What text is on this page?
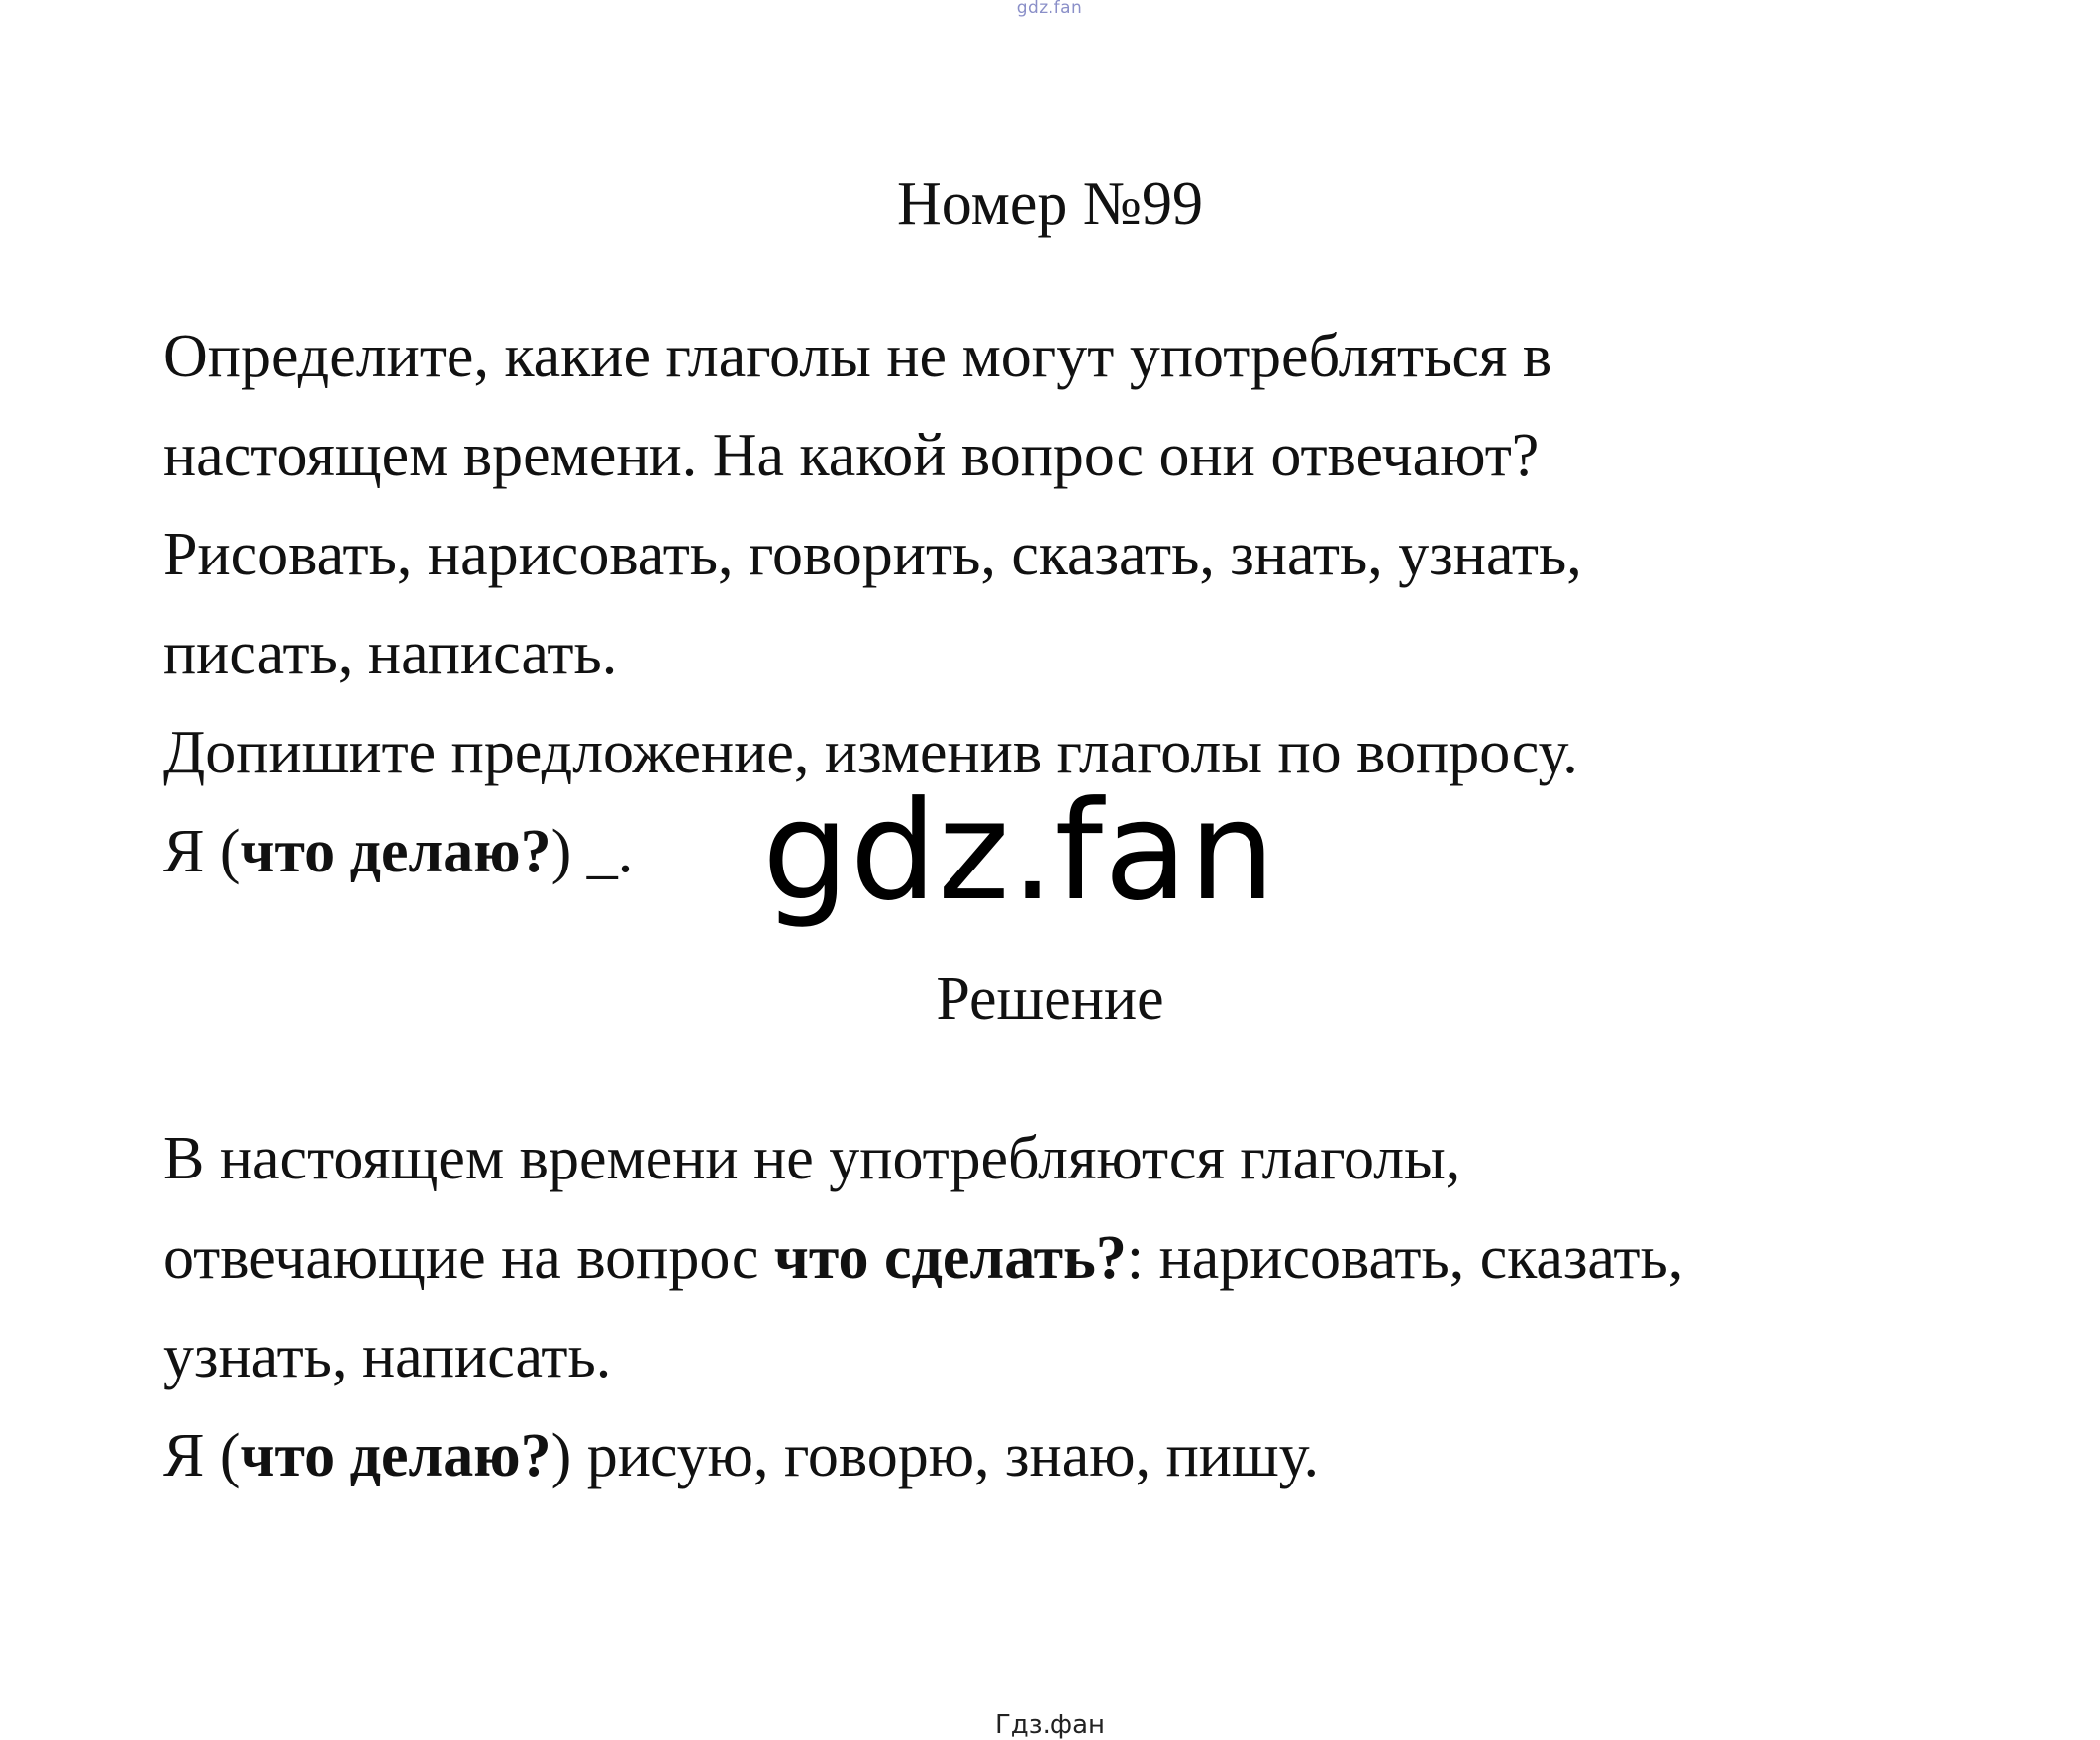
gdz.fan
Номер №99
Определите, какие глаголы не могут употребляться в
настоящем времени. На какой вопрос они отвечают?
Рисовать, нарисовать, говорить, сказать, знать, узнать,
писать, написать.
Допишите предложение, изменив глаголы по вопросу.
Я (что делаю?) _. gdz.fan
Решение
В настоящем времени не употребляются глаголы,
отвечающие на вопрос что сделать?: нарисовать, сказать,
узнать, написать.
Я (что делаю?) рисую, говорю, знаю, пишу.
Гдз.фан
